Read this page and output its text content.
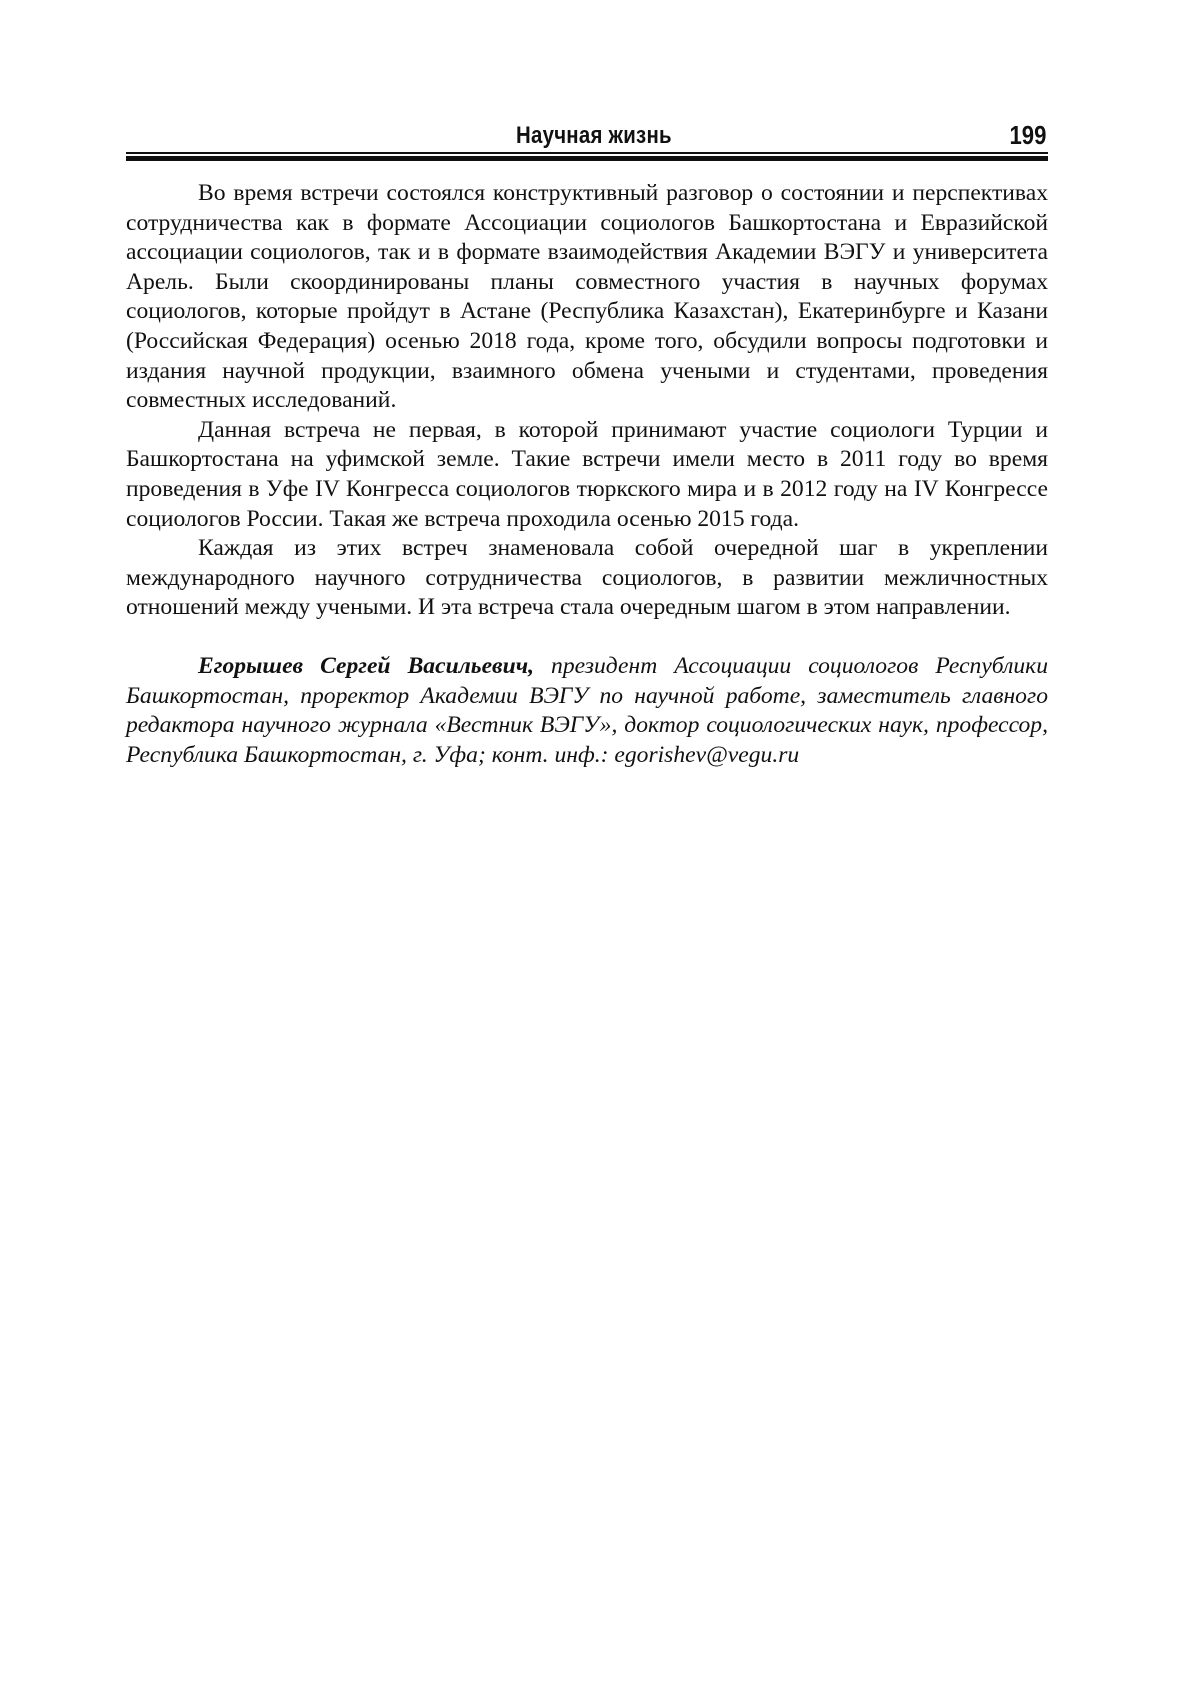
Научная жизнь	199

Во время встречи состоялся конструктивный разговор о состоянии и перспективах сотрудничества как в формате Ассоциации социологов Башкортостана и Евразийской ассоциации социологов, так и в формате взаимодействия Академии ВЭГУ и университета Арель. Были скоординированы планы совместного участия в научных форумах социологов, которые пройдут в Астане (Республика Казахстан), Екатеринбурге и Казани (Российская Федерация) осенью 2018 года, кроме того, обсудили вопросы подготовки и издания научной продукции, взаимного обмена учеными и студентами, проведения совместных исследований.

Данная встреча не первая, в которой принимают участие социологи Турции и Башкортостана на уфимской земле. Такие встречи имели место в 2011 году во время проведения в Уфе IV Конгресса социологов тюркского мира и в 2012 году на IV Конгрессе социологов России. Такая же встреча проходила осенью 2015 года.

Каждая из этих встреч знаменовала собой очередной шаг в укреплении международного научного сотрудничества социологов, в развитии межличностных отношений между учеными. И эта встреча стала очередным шагом в этом направлении.

Егорышев Сергей Васильевич, президент Ассоциации социологов Республики Башкортостан, проректор Академии ВЭГУ по научной работе, заместитель главного редактора научного журнала «Вестник ВЭГУ», доктор социологических наук, профессор, Республика Башкортостан, г. Уфа; конт. инф.: egorishev@vegu.ru
